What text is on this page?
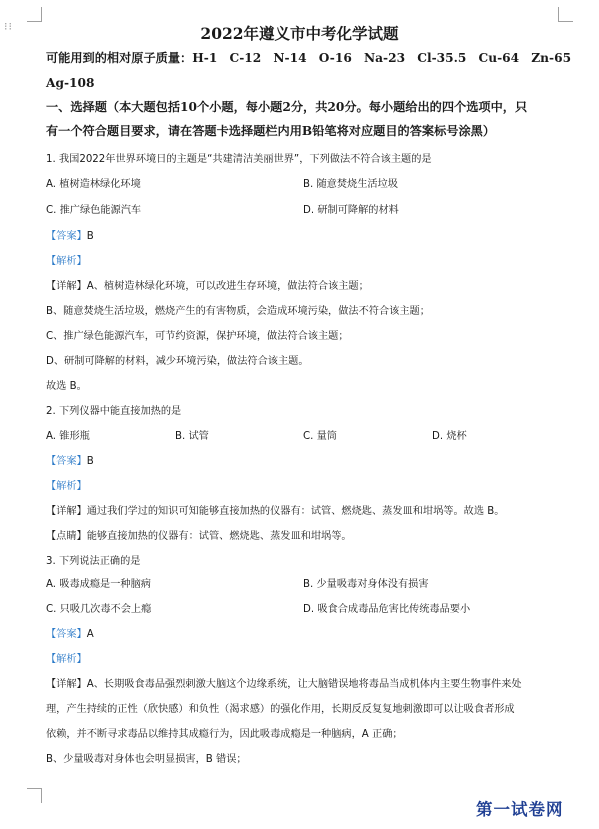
⁝⁝	2022年遵义市中考化学试题
可能用到的相对原子质量：H-1　C-12　N-14　O-16　Na-23　Cl-35.5　Cu-64　Zn-65
Ag-108
一、选择题（本大题包括10个小题，每小题2分，共20分。每小题给出的四个选项中，只
有一个符合题目要求，请在答题卡选择题栏内用B铅笔将对应题目的答案标号涂黑）
1. 我国2022年世界环境日的主题是“共建清洁美丽世界”，下列做法不符合该主题的是
A. 植树造林绿化环境	B. 随意焚烧生活垃圾
C. 推广绿色能源汽车	D. 研制可降解的材料
【答案】B
【解析】
【详解】A、植树造林绿化环境，可以改进生存环境，做法符合该主题；
B、随意焚烧生活垃圾，燃烧产生的有害物质，会造成环境污染，做法不符合该主题；
C、推广绿色能源汽车，可节约资源，保护环境，做法符合该主题；
D、研制可降解的材料，减少环境污染，做法符合该主题。
故选 B。
2. 下列仪器中能直接加热的是
A. 锥形瓶	B. 试管	C. 量筒	D. 烧杯
【答案】B
【解析】
【详解】通过我们学过的知识可知能够直接加热的仪器有：试管、燃烧匙、蒸发皿和坩埚等。故选 B。
【点睛】能够直接加热的仪器有：试管、燃烧匙、蒸发皿和坩埚等。
3. 下列说法正确的是
A. 吸毒成瘾是一种脑病	B. 少量吸毒对身体没有损害
C. 只吸几次毒不会上瘾	D. 吸食合成毒品危害比传统毒品要小
【答案】A
【解析】
【详解】A、长期吸食毒品强烈刺激大脑这个边缘系统，让大脑错误地将毒品当成机体内主要生物事件来处
理，产生持续的正性（欣快感）和负性（渴求感）的强化作用，长期反反复复地刺激即可以让吸食者形成
依赖，并不断寻求毒品以维持其成瘾行为，因此吸毒成瘾是一种脑病，A 正确；
B、少量吸毒对身体也会明显损害，B 错误；
第一试卷网
